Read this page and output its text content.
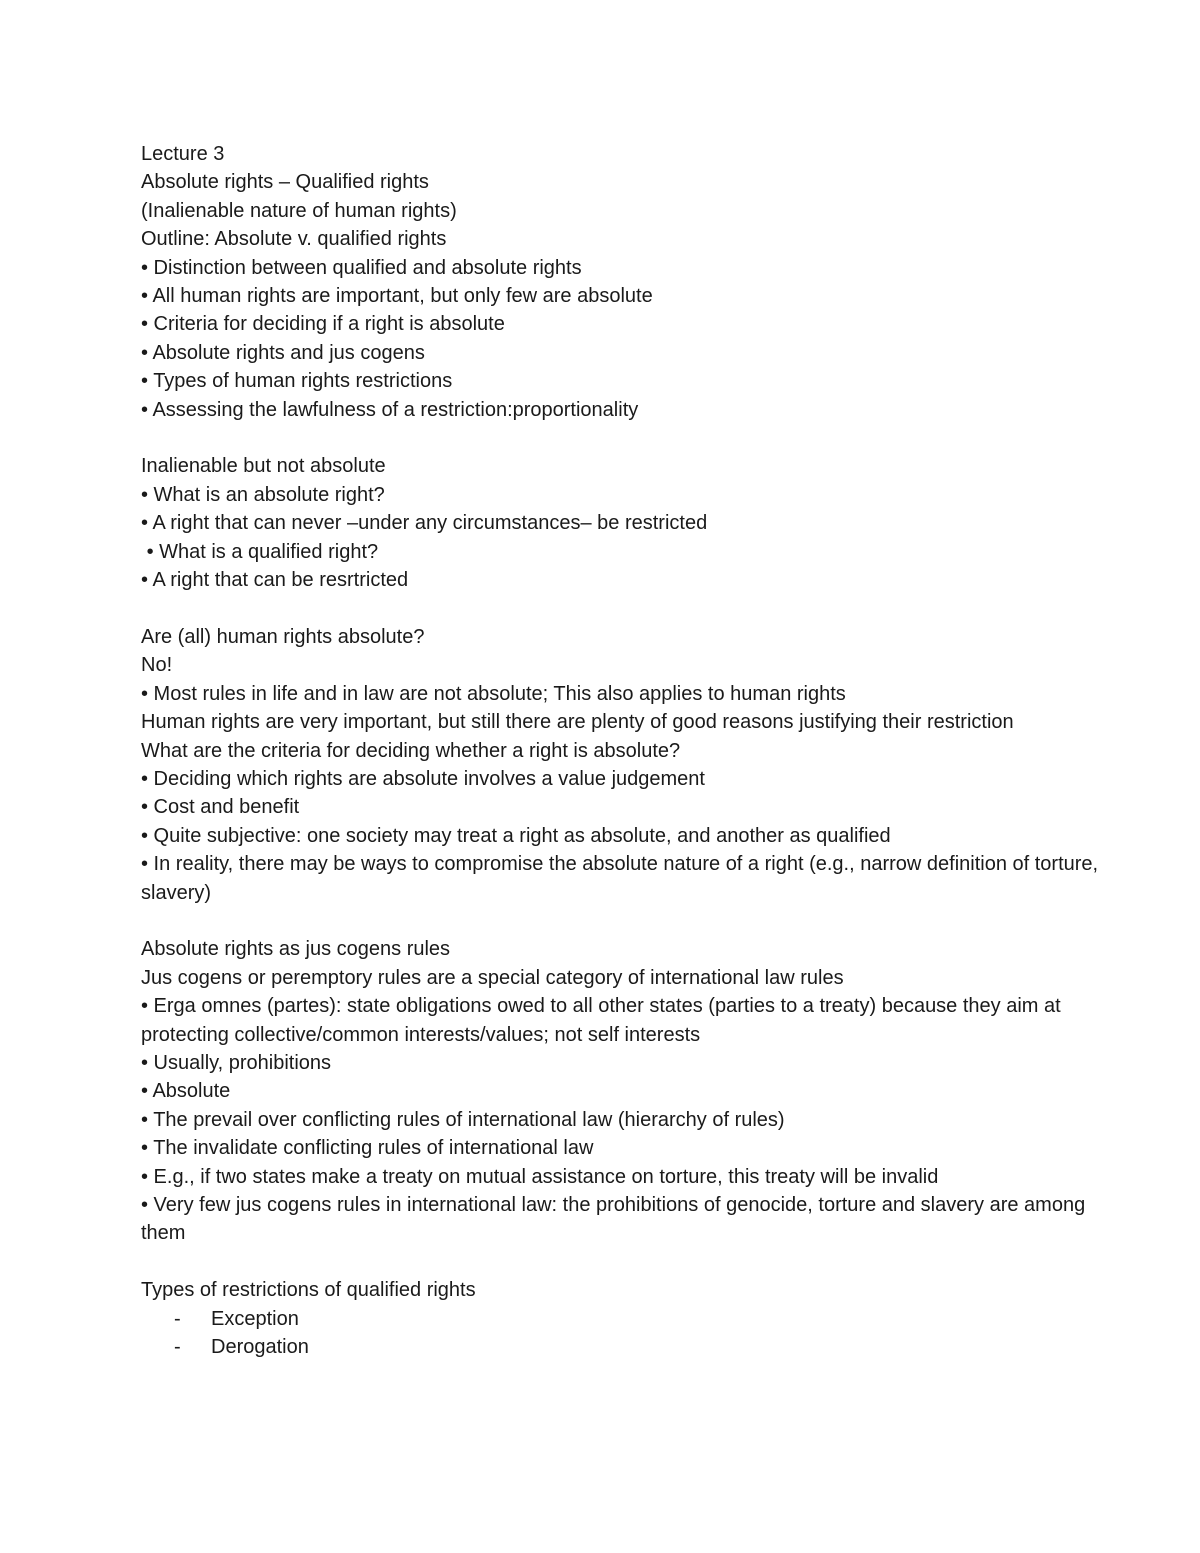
Lecture 3
Absolute rights – Qualified rights
(Inalienable nature of human rights)
Outline: Absolute v. qualified rights
• Distinction between qualified and absolute rights
• All human rights are important, but only few are absolute
• Criteria for deciding if a right is absolute
• Absolute rights and jus cogens
• Types of human rights restrictions
• Assessing the lawfulness of a restriction:proportionality
Inalienable but not absolute
• What is an absolute right?
• A right that can never –under any circumstances– be restricted
• What is a qualified right?
• A right that can be resrtricted
Are (all) human rights absolute?
No!
• Most rules in life and in law are not absolute; This also applies to human rights
Human rights are very important, but still there are plenty of good reasons justifying their restriction
What are the criteria for deciding whether a right is absolute?
• Deciding which rights are absolute involves a value judgement
• Cost and benefit
• Quite subjective: one society may treat a right as absolute, and another as qualified
• In reality, there may be ways to compromise the absolute nature of a right (e.g., narrow definition of torture, slavery)
Absolute rights as jus cogens rules
Jus cogens or peremptory rules are a special category of international law rules
• Erga omnes (partes): state obligations owed to all other states (parties to a treaty) because they aim at protecting collective/common interests/values; not self interests
• Usually, prohibitions
• Absolute
• The prevail over conflicting rules of international law (hierarchy of rules)
• The invalidate conflicting rules of international law
• E.g., if two states make a treaty on mutual assistance on torture, this treaty will be invalid
• Very few jus cogens rules in international law: the prohibitions of genocide, torture and slavery are among them
Types of restrictions of qualified rights
- Exception
- Derogation
